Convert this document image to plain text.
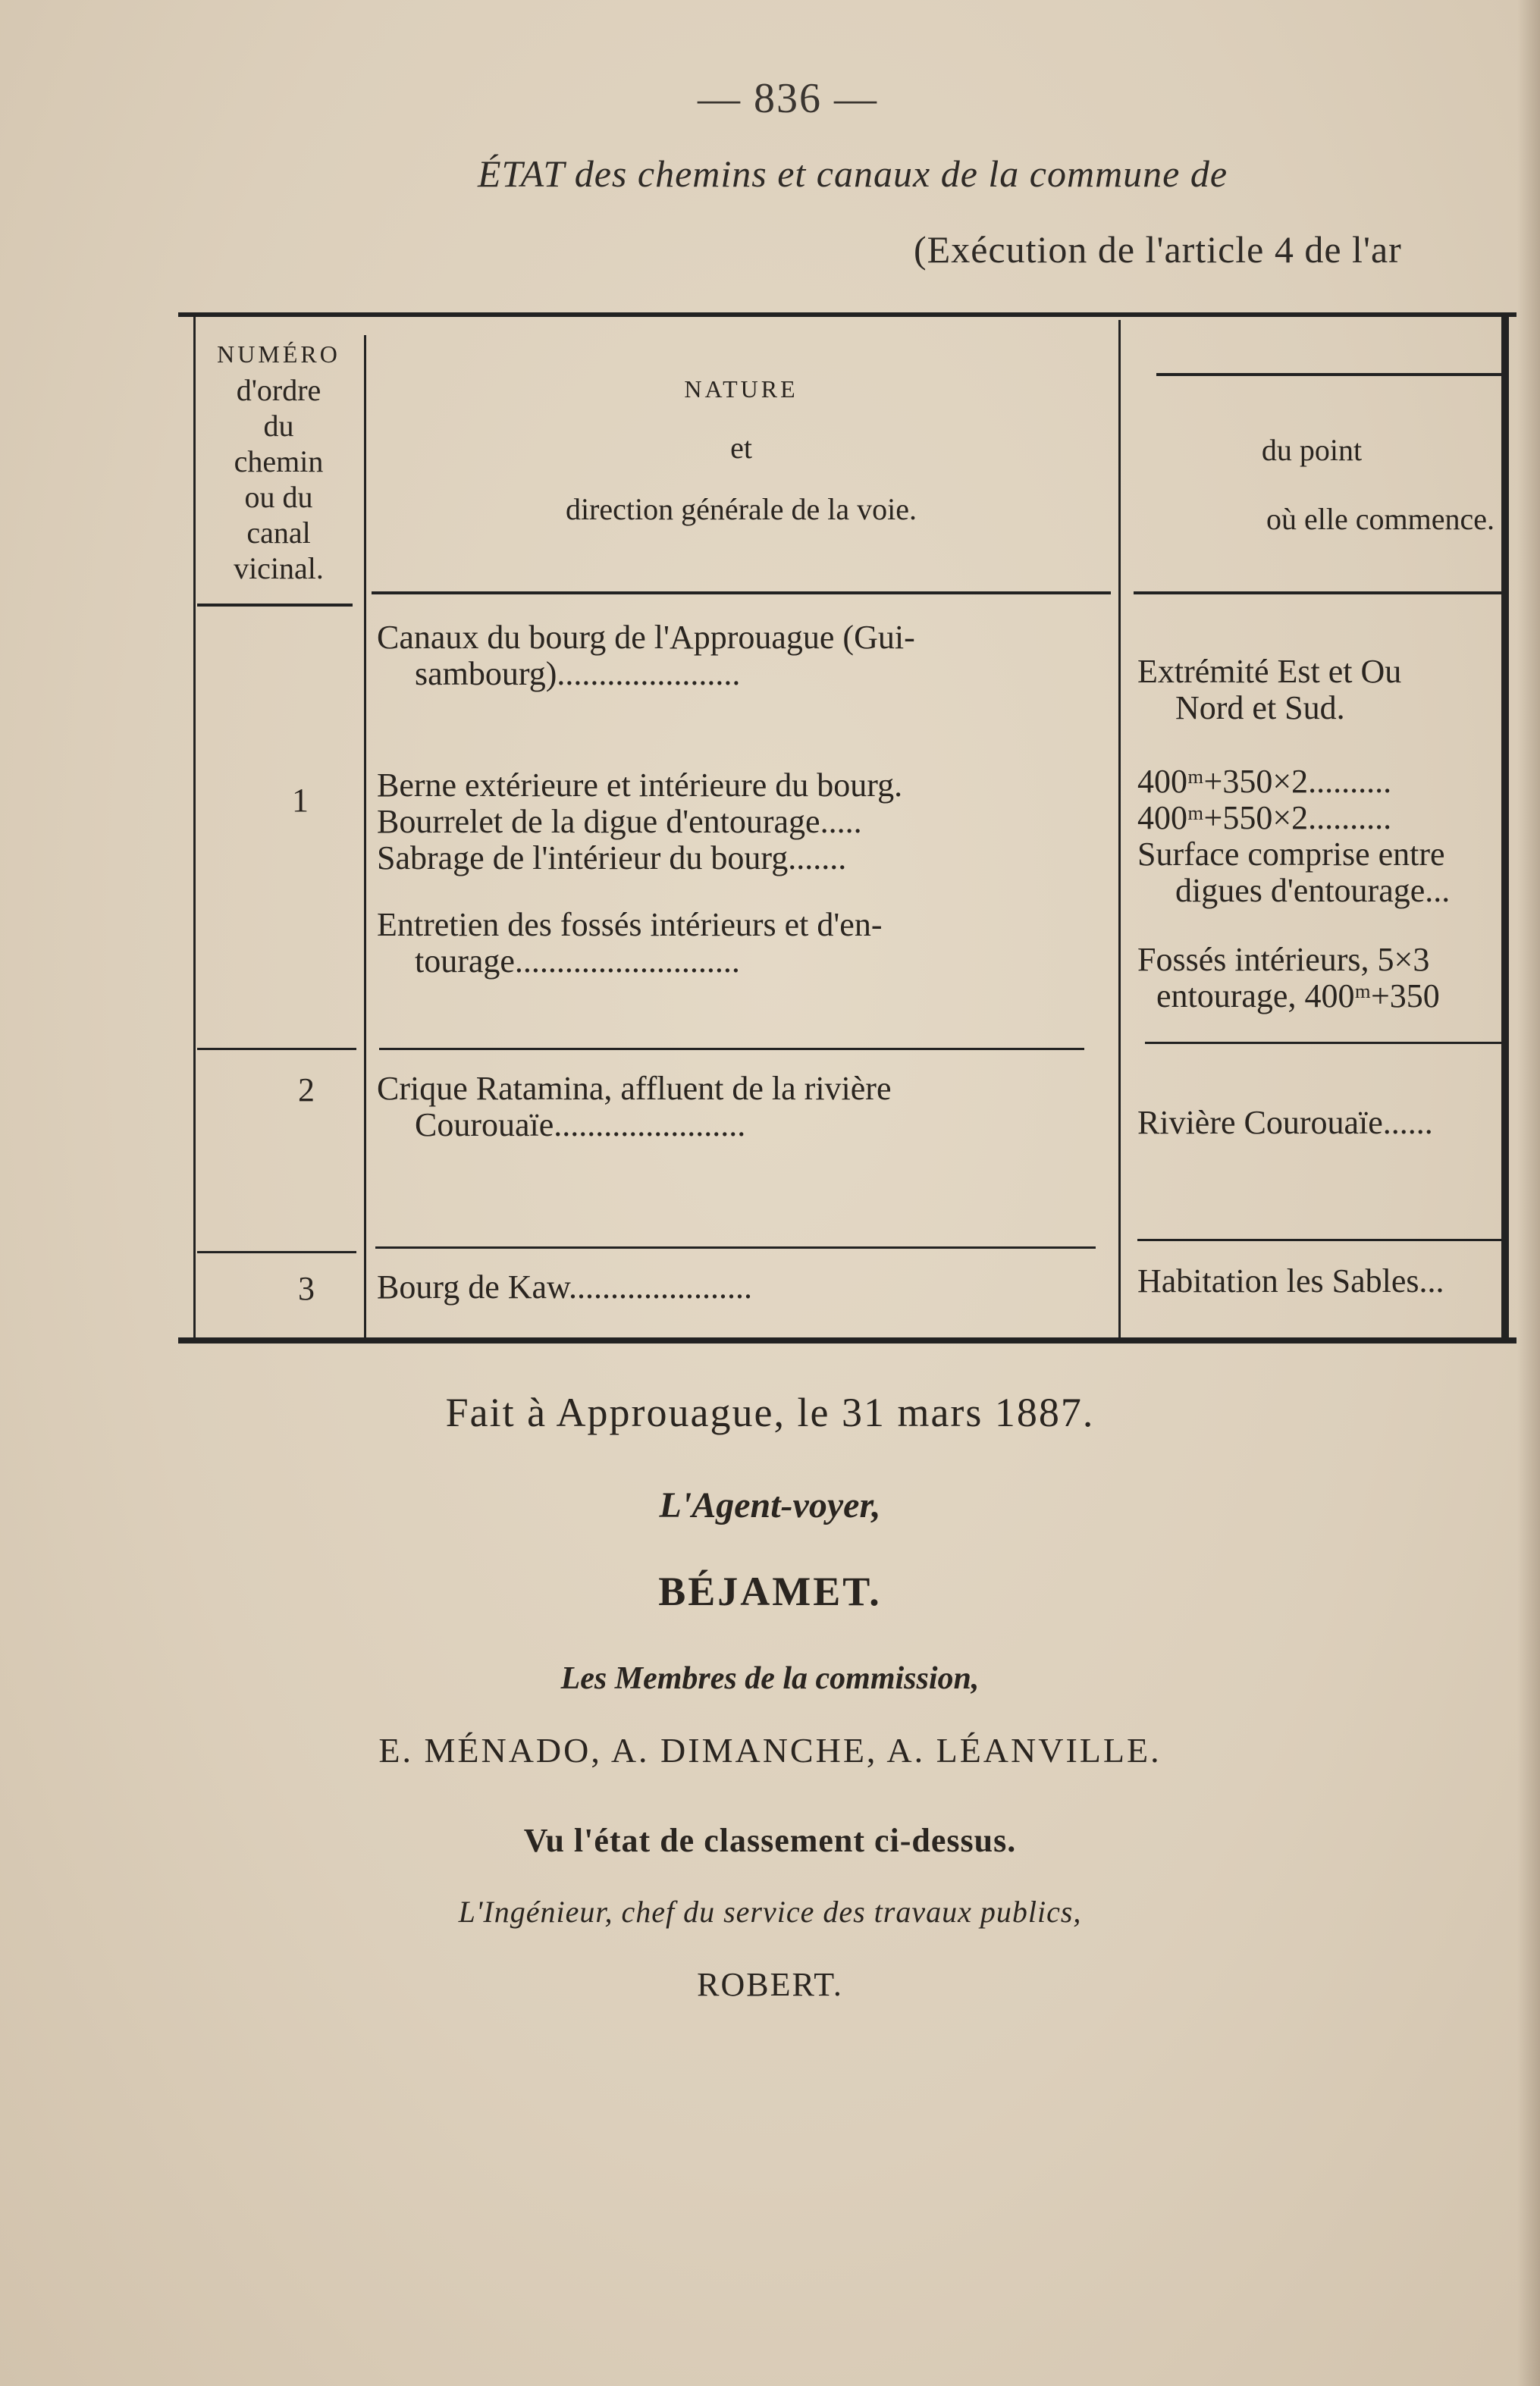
— 836 —
ÉTAT des chemins et canaux de la commune de
(Exécution de l'article 4 de l'ar
NUMÉRO
d'ordre
du
chemin
ou du
canal
vicinal.
NATURE
et
direction générale de la voie.
du point
où elle commence.
1
Canaux du bourg de l'Approuague (Gui-
sambourg)......................
Berne extérieure et intérieure du bourg.
Bourrelet de la digue d'entourage.....
Sabrage de l'intérieur du bourg.......
Entretien des fossés intérieurs et d'en-
tourage...........................
Extrémité Est et Ou
Nord et Sud.
400ᵐ+350×2..........
400ᵐ+550×2..........
Surface comprise entre
digues d'entourage...
Fossés intérieurs, 5×3
entourage, 400ᵐ+350
2 Crique Ratamina, affluent de la rivière
Courouaïe.......................	Rivière Courouaïe......
3 Bourg de Kaw......................	Habitation les Sables...
Fait à Approuague, le 31 mars 1887.
L'Agent-voyer,
BÉJAMET.
Les Membres de la commission,
E. MÉNADO, A. DIMANCHE, A. LÉANVILLE.
Vu l'état de classement ci-dessus.
L'Ingénieur, chef du service des travaux publics,
ROBERT.
